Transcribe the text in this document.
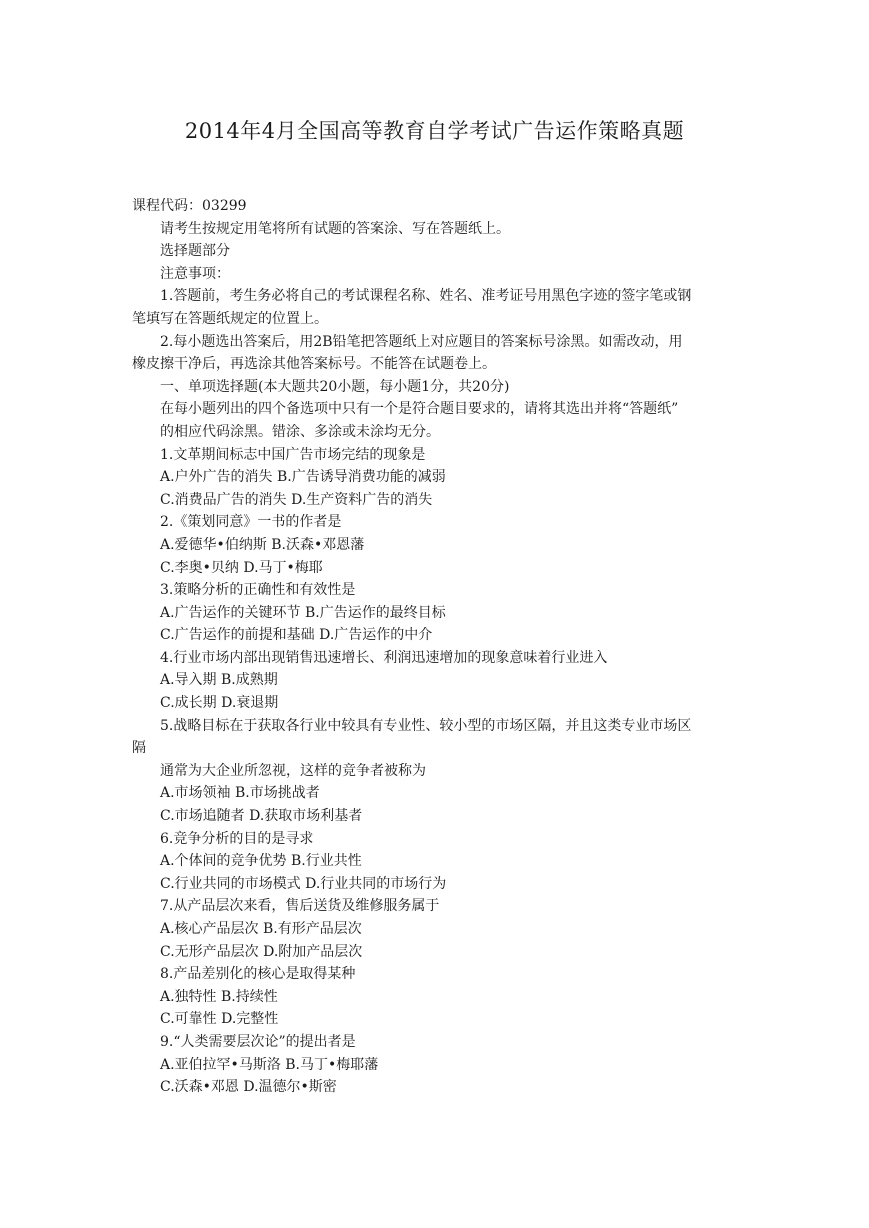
2014年4月全国高等教育自学考试广告运作策略真题
课程代码：03299
请考生按规定用笔将所有试题的答案涂、写在答题纸上。
选择题部分
注意事项：
1.答题前，考生务必将自己的考试课程名称、姓名、准考证号用黑色字迹的签字笔或钢
笔填写在答题纸规定的位置上。
2.每小题选出答案后，用2B铅笔把答题纸上对应题目的答案标号涂黑。如需改动，用
橡皮擦干净后，再选涂其他答案标号。不能答在试题卷上。
一、单项选择题(本大题共20小题，每小题1分，共20分)
在每小题列出的四个备选项中只有一个是符合题目要求的，请将其选出并将“答题纸”
的相应代码涂黑。错涂、多涂或未涂均无分。
1.文革期间标志中国广告市场完结的现象是
A.户外广告的消失 B.广告诱导消费功能的减弱
C.消费品广告的消失 D.生产资料广告的消失
2.《策划同意》一书的作者是
A.爱德华•伯纳斯 B.沃森•邓恩藩
C.李奥•贝纳 D.马丁•梅耶
3.策略分析的正确性和有效性是
A.广告运作的关键环节 B.广告运作的最终目标
C.广告运作的前提和基础 D.广告运作的中介
4.行业市场内部出现销售迅速增长、利润迅速增加的现象意味着行业进入
A.导入期 B.成熟期
C.成长期 D.衰退期
5.战略目标在于获取各行业中较具有专业性、较小型的市场区隔，并且这类专业市场区
隔
通常为大企业所忽视，这样的竞争者被称为
A.市场领袖 B.市场挑战者
C.市场追随者 D.获取市场利基者
6.竞争分析的目的是寻求
A.个体间的竞争优势 B.行业共性
C.行业共同的市场模式 D.行业共同的市场行为
7.从产品层次来看，售后送货及维修服务属于
A.核心产品层次 B.有形产品层次
C.无形产品层次 D.附加产品层次
8.产品差别化的核心是取得某种
A.独特性 B.持续性
C.可靠性 D.完整性
9.“人类需要层次论”的提出者是
A.亚伯拉罕•马斯洛 B.马丁•梅耶藩
C.沃森•邓恩 D.温德尔•斯密
